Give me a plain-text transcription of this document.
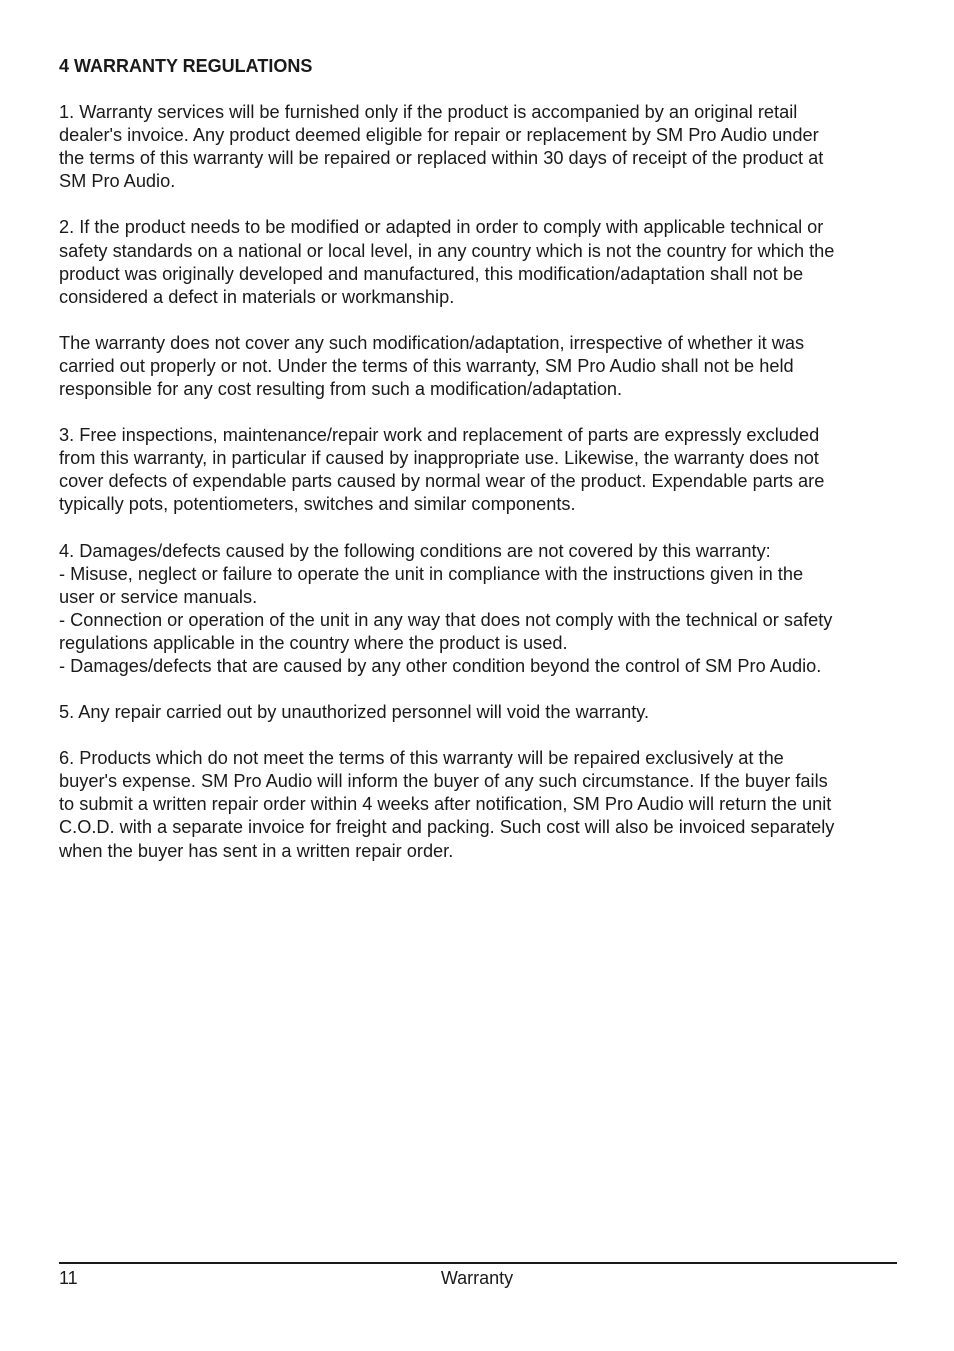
4 WARRANTY REGULATIONS

1. Warranty services will be furnished only if the product is accompanied by an original retail
dealer's invoice. Any product deemed eligible for repair or replacement by SM Pro Audio under
the terms of this warranty will be repaired or replaced within 30 days of receipt of the product at
SM Pro Audio.

2. If the product needs to be modified or adapted in order to comply with applicable technical or
safety standards on a national or local level, in any country which is not the country for which the
product was originally developed and manufactured, this modification/adaptation shall not be
considered a defect in materials or workmanship.

The warranty does not cover any such modification/adaptation, irrespective of whether it was
carried out properly or not. Under the terms of this warranty, SM Pro Audio shall not be held
responsible for any cost resulting from such a modification/adaptation.

3. Free inspections, maintenance/repair work and replacement of parts are expressly excluded
from this warranty, in particular if caused by inappropriate use. Likewise, the warranty does not
cover defects of expendable parts caused by normal wear of the product. Expendable parts are
typically pots, potentiometers, switches and similar components.

4. Damages/defects caused by the following conditions are not covered by this warranty:
- Misuse, neglect or failure to operate the unit in compliance with the instructions given in the
user or service manuals.
- Connection or operation of the unit in any way that does not comply with the technical or safety
regulations applicable in the country where the product is used.
- Damages/defects that are caused by any other condition beyond the control of SM Pro Audio.

5. Any repair carried out by unauthorized personnel will void the warranty.

6. Products which do not meet the terms of this warranty will be repaired exclusively at the
buyer's expense. SM Pro Audio will inform the buyer of any such circumstance. If the buyer fails
to submit a written repair order within 4 weeks after notification, SM Pro Audio will return the unit
C.O.D. with a separate invoice for freight and packing. Such cost will also be invoiced separately
when the buyer has sent in a written repair order.

11	Warranty
